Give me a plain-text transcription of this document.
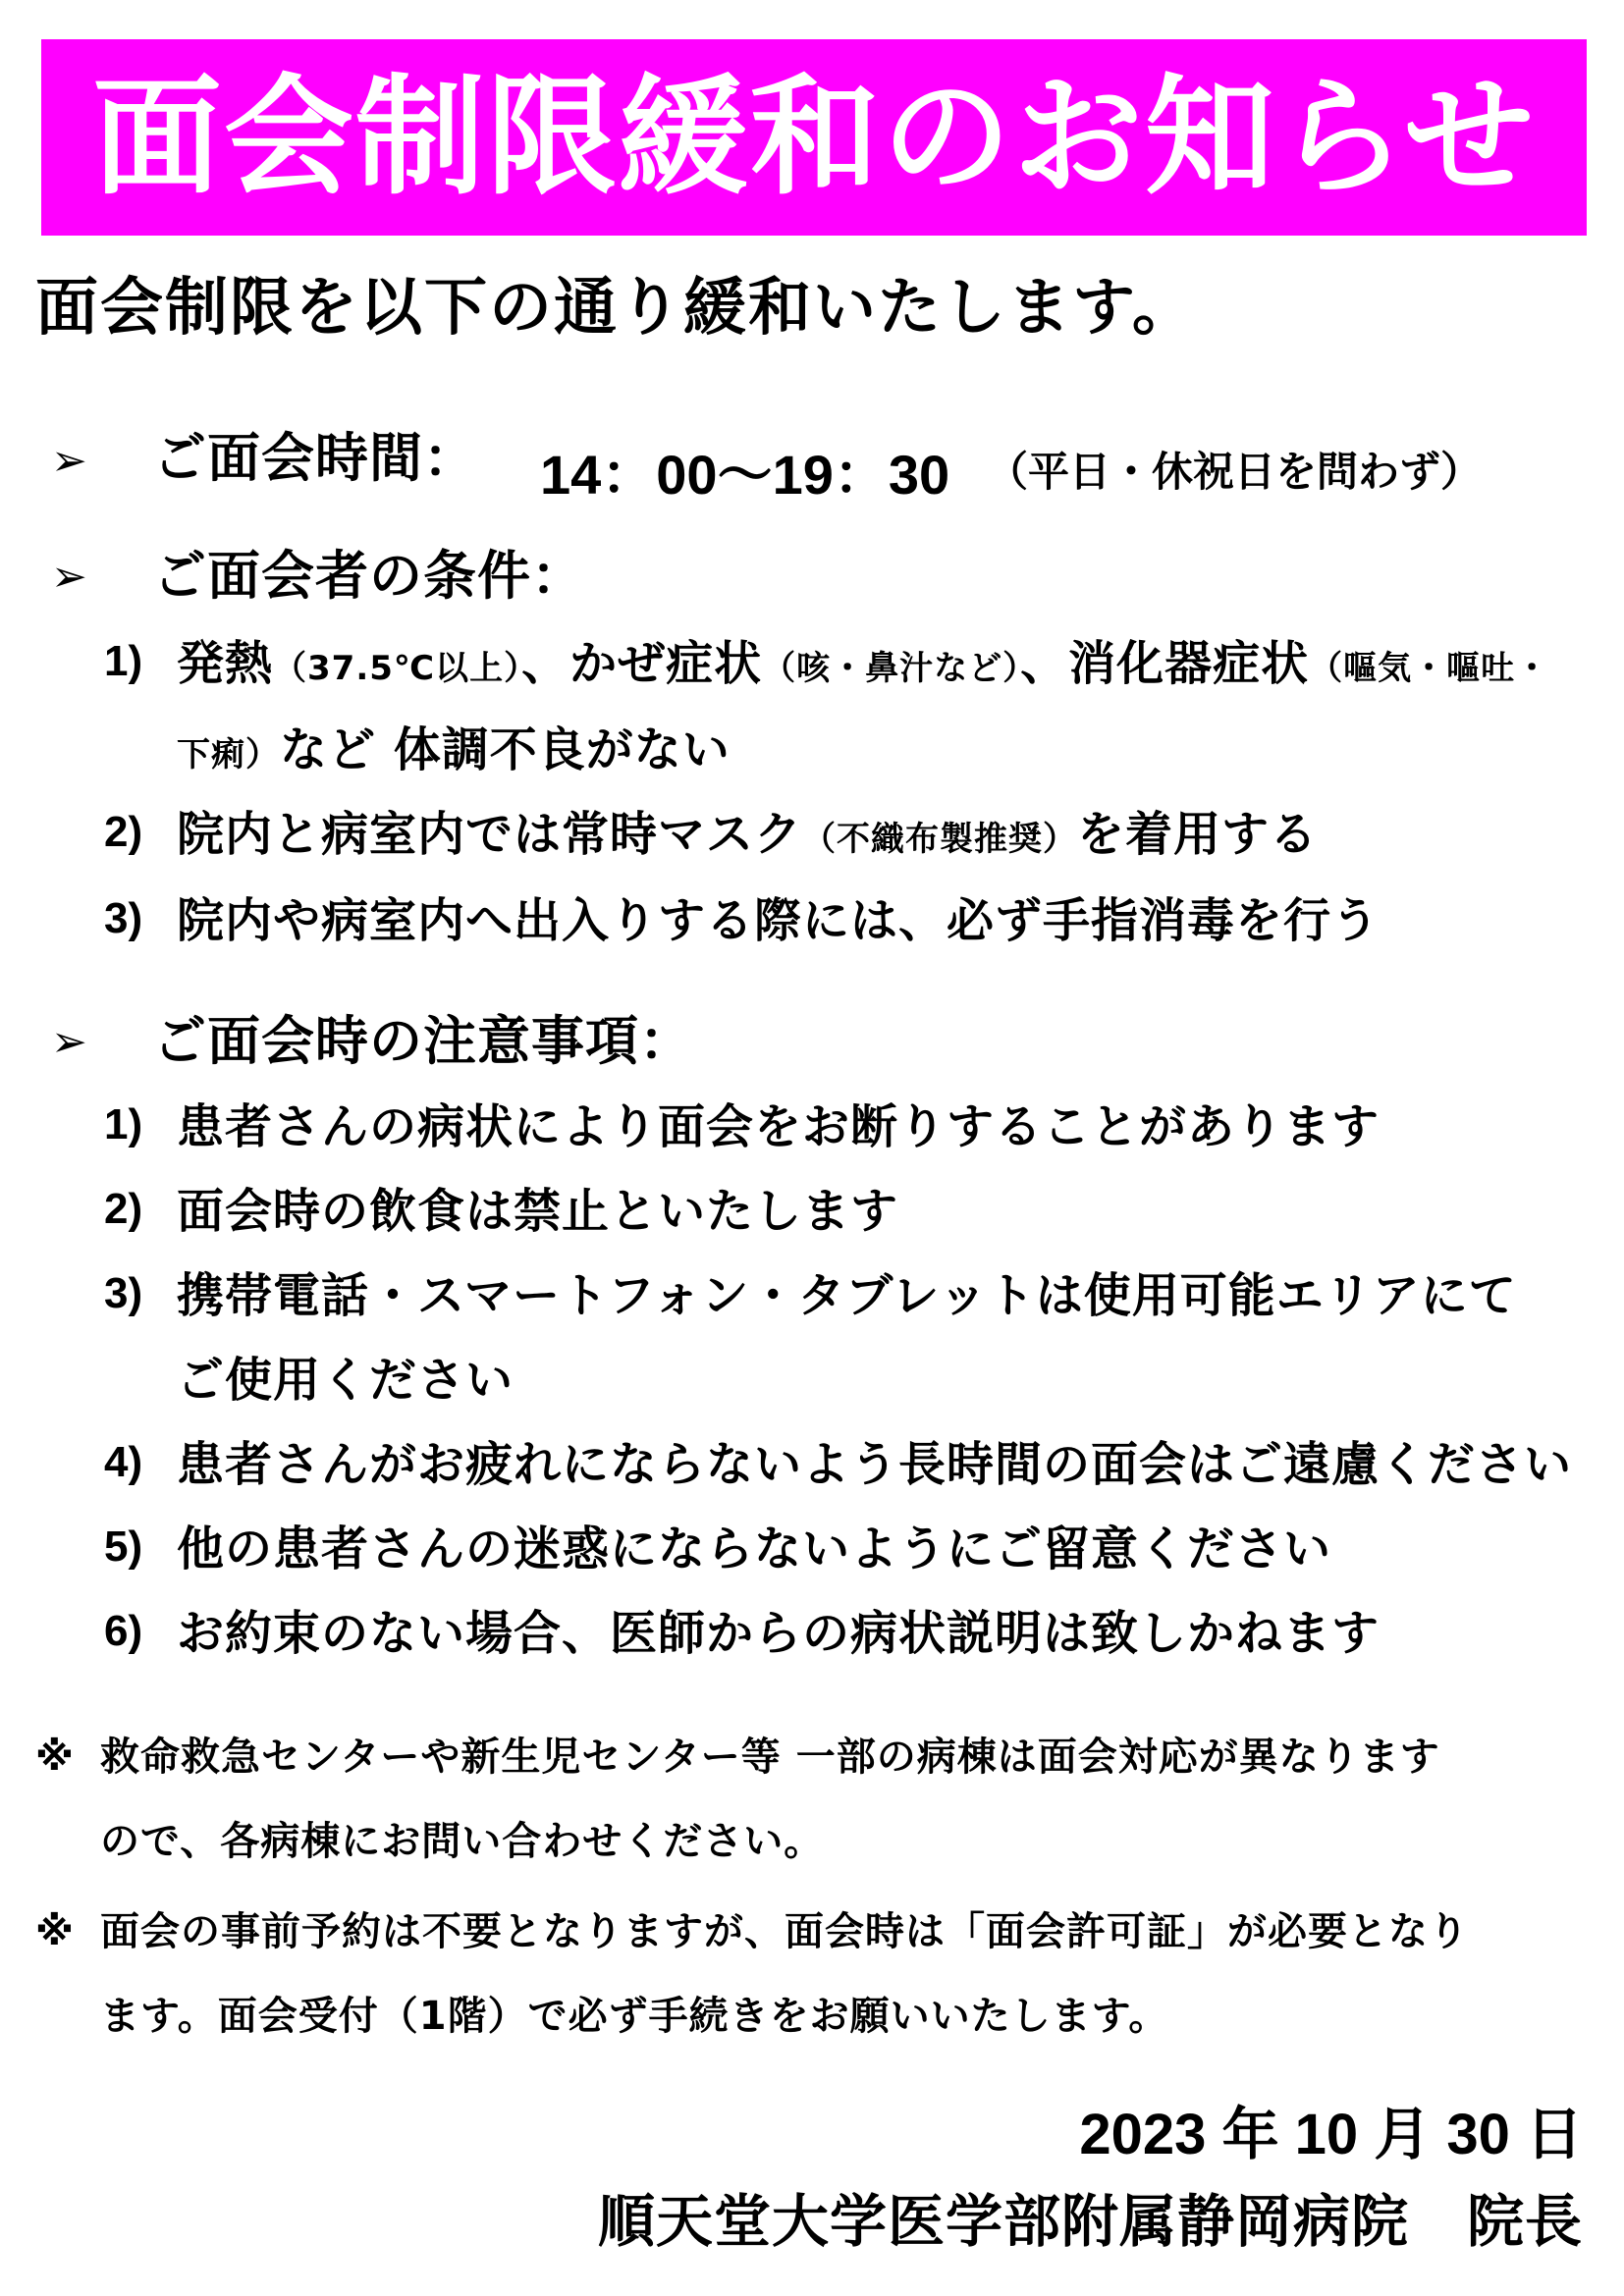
面会制限緩和のお知らせ
面会制限を以下の通り緩和いたします。
➢ ご面会時間： 14：00～19：30 （平日・休祝日を問わず）
➢ ご面会者の条件：
1) 発熱（37.5℃以上）、かぜ症状（咳・鼻汁など）、消化器症状（嘔気・嘔吐・
下痢）など 体調不良がない
2) 院内と病室内では常時マスク（不織布製推奨）を着用する
3) 院内や病室内へ出入りする際には、必ず手指消毒を行う
➢ ご面会時の注意事項：
1) 患者さんの病状により面会をお断りすることがあります
2) 面会時の飲食は禁止といたします
3) 携帯電話・スマートフォン・タブレットは使用可能エリアにて
ご使用ください
4) 患者さんがお疲れにならないよう長時間の面会はご遠慮ください
5) 他の患者さんの迷惑にならないようにご留意ください
6) お約束のない場合、医師からの病状説明は致しかねます
※ 救命救急センターや新生児センター等 一部の病棟は面会対応が異なります
ので、各病棟にお問い合わせください。
※ 面会の事前予約は不要となりますが、面会時は「面会許可証」が必要となり
ます。面会受付（1階）で必ず手続きをお願いいたします。
2023 年 10 月 30 日
順天堂大学医学部附属静岡病院　院長
